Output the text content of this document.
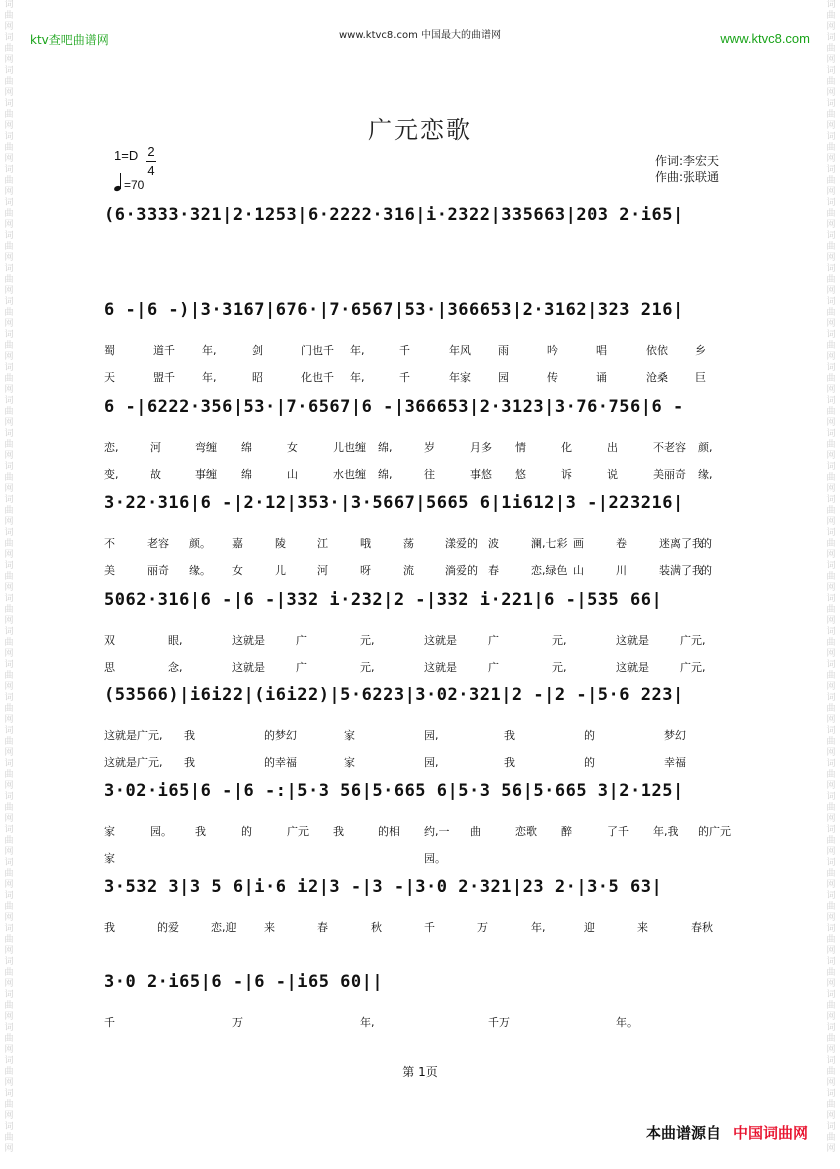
词
曲
网
词
曲
网
词
曲
网
词
曲
网
词
曲
网
词
曲
网
词
曲
网
词
曲
网
词
曲
网
词
曲
网
词
曲
网
词
曲
网
词
曲
网
词
曲
网
词
曲
网
词
曲
网
词
曲
网
词
曲
网
词
曲
网
词
曲
网
词
曲
网
词
曲
网
词
曲
网
词
曲
网
词
曲
网
词
曲
网
词
曲
网
词
曲
网
词
曲
网
词
曲
网
词
曲
网
词
曲
网
词
曲
网
词
曲
网
词
曲
网
词
曲
网
词
曲
网
词
曲
网
词
曲
网
词
曲
网
词
曲
网
词
曲
网
词
曲
网
词
曲
网
词
曲
网
词
曲
网
词
曲
网
词
曲
网
词
曲
网
词
曲
网
词
曲
网
词
曲
网
词
曲
网
词
曲
网
词
曲
网
词
曲
网
词
曲
网
词
曲
网
词
曲
网
词
曲
网
词
曲
网
词
曲
网
词
曲
网
词
曲
网
词
曲
网
词
曲
网
词
曲
网
词
曲
网
词
曲
网
词
曲
网
ktv查吧曲谱网	www.ktvc8.com 中国最大的曲谱网	www.ktvc8.com
广元恋歌
1=D 2
4
=70
作词:李宏天
作曲:张联通
(6·3333·321|2·1253|6·2222·316|i·2322|335663|203 2·i65|
6 -|6 -)|3·3167|676·|7·6567|53·|366653|2·3162|323 216|
蜀	道千 年,	剑	门也千 年,	千	年风 雨	吟	唱	依依 乡
天	盟千 年,	昭	化也千 年,	千	年家 园	传	诵	沧桑 巨
6 -|6222·356|53·|7·6567|6 -|366653|2·3123|3·76·756|6 -
恋,	河	弯缠 绵	女	儿也缠 绵,	岁	月多 情	化	出	不老容 颜,
变,	故	事缠 绵	山	水也缠 绵,	往	事悠 悠	诉	说	美丽奇 缘,
3·22·316|6 -|2·12|353·|3·5667|5665 6|1i612|3 -|223216|
不	老容 颜。 嘉	陵	江	哦	荡	漾爱的 波	澜,七彩 画	卷	迷离了我
的
美	丽奇 缘。 女	儿	河	呀	流	淌爱的 春	恋,绿色 山	川	装满了我
的
5062·316|6 -|6 -|332 i·232|2 -|332 i·221|6 -|535 66|
双	眼,	这就是	广	元,	这就是	广	元,	这就是	广元,
思	念,	这就是	广	元,	这就是	广	元,	这就是	广元,
(53566)|i6i22|(i6i22)|5·6223|3·02·321|2 -|2 -|5·6 223|
这就是广元, 我	的梦幻	家	园,	我	的	梦幻
这就是广元, 我	的幸福	家	园,	我	的	幸福
3·02·i65|6 -|6 -:|5·3 56|5·665 6|5·3 56|5·665 3|2·125|
家	园。 我	的	广元 我	的相 约,一 曲	恋歌 醉	了千 年,我 的广元
家	园。
3·532 3|3 5 6|i·6 i2|3 -|3 -|3·0 2·321|23 2·|3·5 63|
我	的爱	恋,迎	来	春	秋	千	万	年,	迎	来	春秋
3·0 2·i65|6 -|6 -|i65 60||
千	万	年,	千万	年。
第 1页
本曲谱源自 中国词曲网
